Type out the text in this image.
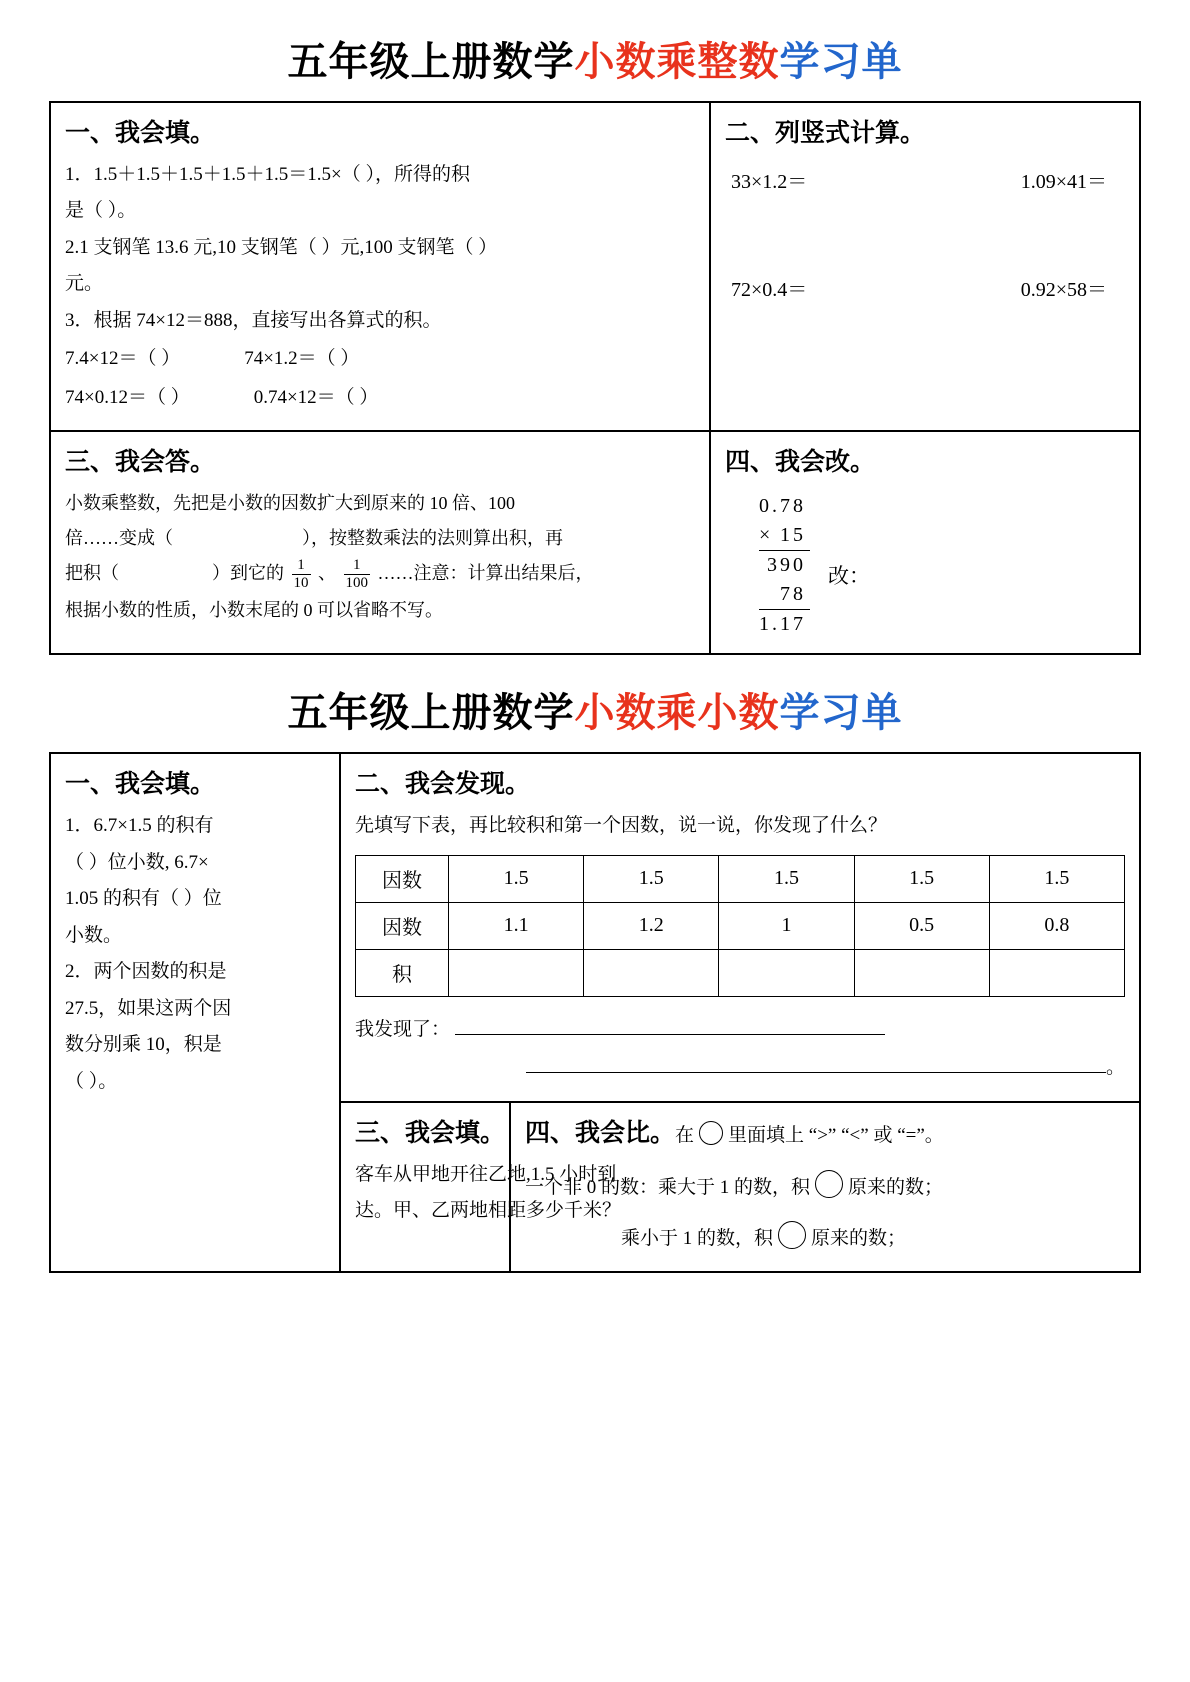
五年级上册数学小数乘整数学习单
一、我会填。
1．1.5＋1.5＋1.5＋1.5＋1.5＝1.5×（ ），所得的积
是（ ）。
2.1 支钢笔 13.6 元,10 支钢笔（ ）元,100 支钢笔（ ）
元。
3．根据 74×12＝888，直接写出各算式的积。
7.4×12＝（ ）	74×1.2＝（ ）
74×0.12＝（ ）	0.74×12＝（ ）

二、列竖式计算。
33×1.2＝	1.09×41＝
72×0.4＝	0.92×58＝

三、我会答。
小数乘整数，先把是小数的因数扩大到原来的 10 倍、100
倍……变成（	），按整数乘法的法则算出积，再
把积（	）到它的 $\frac{1}{10}$ 、 $\frac{1}{100}$ ……注意：计算出结果后，
根据小数的性质，小数末尾的 0 可以省略不写。

四、我会改。
0.78
× 15
390
78
1.17
改：
五年级上册数学小数乘小数学习单
一、我会填。
1．6.7×1.5 的积有
（ ）位小数, 6.7×
1.05 的积有（ ）位
小数。
2．两个因数的积是
27.5，如果这两个因
数分别乘 10，积是
（ ）。

二、我会发现。
先填写下表，再比较积和第一个因数，说一说，你发现了什么？
因数	1.5	1.5	1.5	1.5	1.5
因数	1.1	1.2	1	0.5	0.8
积					
我发现了：
。

三、我会填。
客车从甲地开往乙地,1.5 小时到
达。甲、乙两地相距多少千米？

四、我会比。在 里面填上 “>” “<” 或 “=”。
一个非 0 的数：乘大于 1 的数，积 原来的数；
乘小于 1 的数，积 原来的数；
